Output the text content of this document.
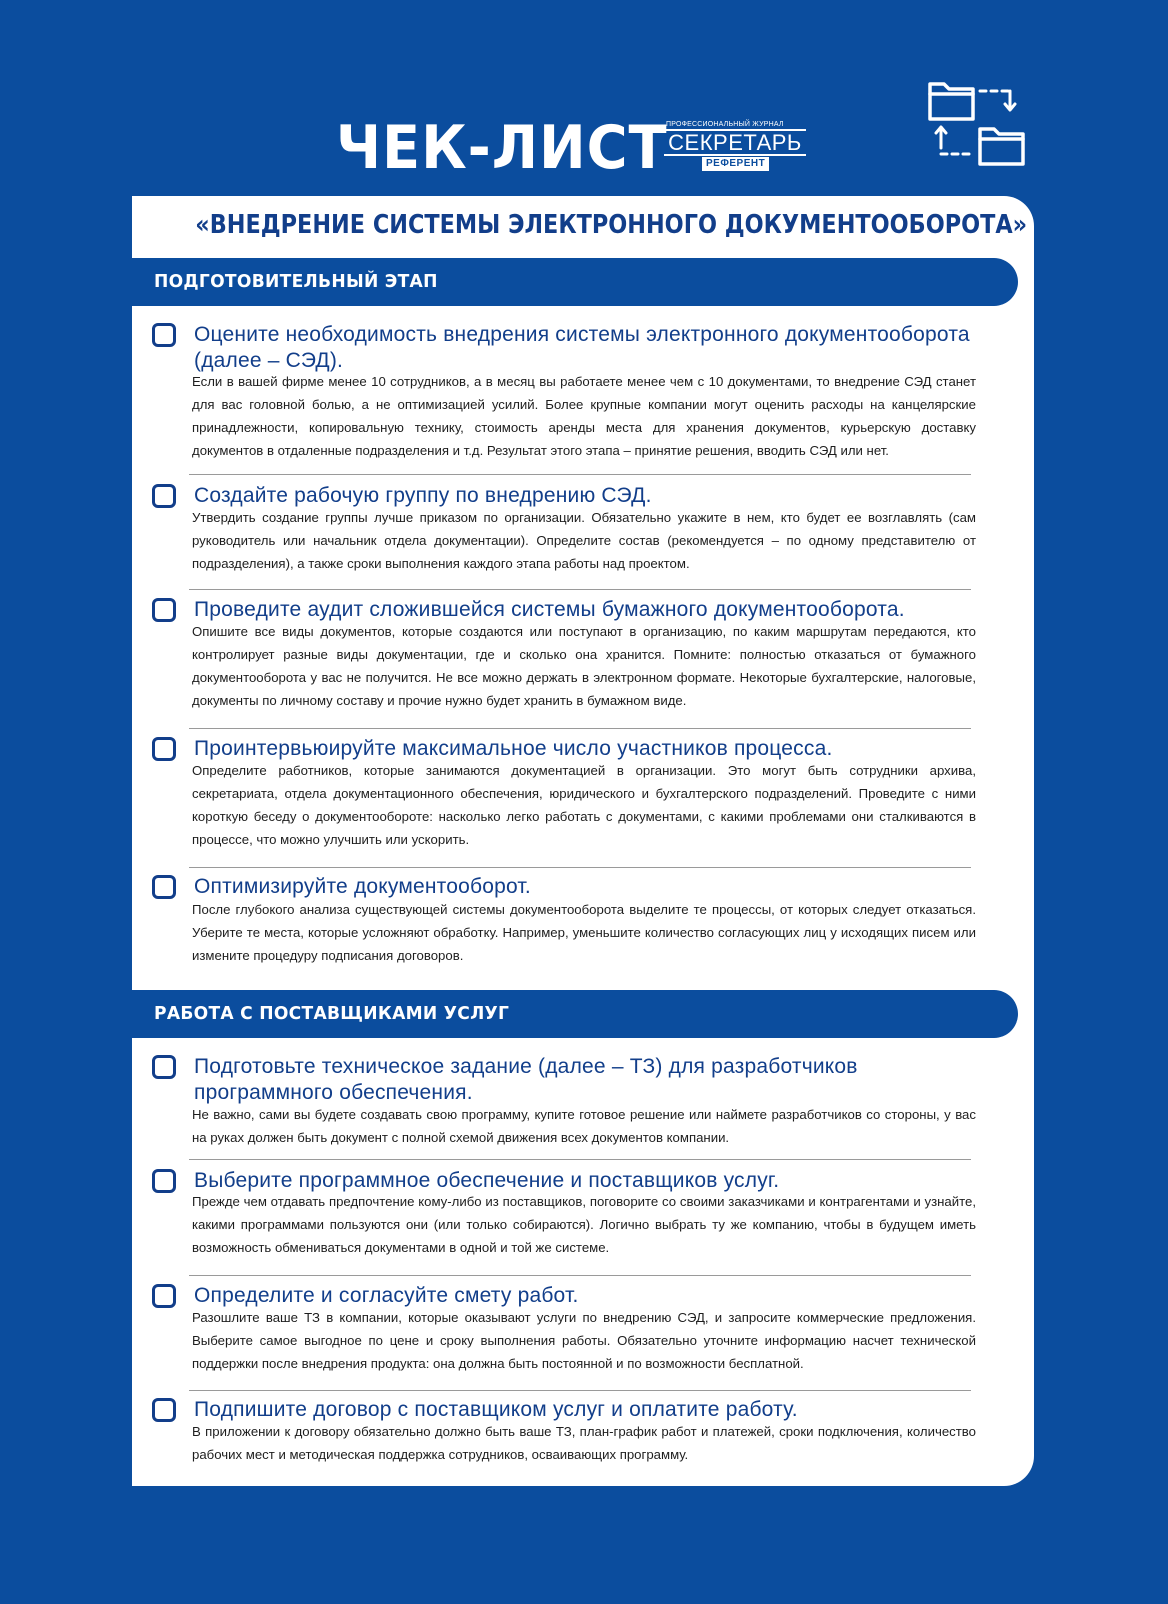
ЧЕК-ЛИСТ
ПРОФЕССИОНАЛЬНЫЙ ЖУРНАЛ
СЕКРЕТАРЬ
РЕФЕРЕНТ
«ВНЕДРЕНИЕ СИСТЕМЫ ЭЛЕКТРОННОГО ДОКУМЕНТООБОРОТА»
ПОДГОТОВИТЕЛЬНЫЙ ЭТАП
Оцените необходимость внедрения системы электронного документооборота (далее – СЭД).
Если в вашей фирме менее 10 сотрудников, а в месяц вы работаете менее чем с 10 документами, то внедрение СЭД станет для вас головной болью, а не оптимизацией усилий. Более крупные компании могут оценить расходы на канцелярские принадлежности, копировальную технику, стоимость аренды места для хранения документов, курьерскую доставку документов в отдаленные подразделения и т.д. Результат этого этапа – принятие решения, вводить СЭД или нет.
Создайте рабочую группу по внедрению СЭД.
Утвердить создание группы лучше приказом по организации. Обязательно укажите в нем, кто будет ее возглавлять (сам руководитель или начальник отдела документации). Определите состав (рекомендуется – по одному представителю от подразделения), а также сроки выполнения каждого этапа работы над проектом.
Проведите аудит сложившейся системы бумажного документооборота.
Опишите все виды документов, которые создаются или поступают в организацию, по каким маршрутам передаются, кто контролирует разные виды документации, где и сколько она хранится. Помните: полностью отказаться от бумажного документооборота у вас не получится. Не все можно держать в электронном формате. Некоторые бухгалтерские, налоговые, документы по личному составу и прочие нужно будет хранить в бумажном виде.
Проинтервьюируйте максимальное число участников процесса.
Определите работников, которые занимаются документацией в организации. Это могут быть сотрудники архива, секретариата, отдела документационного обеспечения, юридического и бухгалтерского подразделений. Проведите с ними короткую беседу о документообороте: насколько легко работать с документами, с какими проблемами они сталкиваются в процессе, что можно улучшить или ускорить.
Оптимизируйте документооборот.
После глубокого анализа существующей системы документооборота выделите те процессы, от которых следует отказаться. Уберите те места, которые усложняют обработку. Например, уменьшите количество согласующих лиц у исходящих писем или измените процедуру подписания договоров.
РАБОТА С ПОСТАВЩИКАМИ УСЛУГ
Подготовьте техническое задание (далее – ТЗ) для разработчиков программного обеспечения.
Не важно, сами вы будете создавать свою программу, купите готовое решение или наймете разработчиков со стороны, у вас на руках должен быть документ с полной схемой движения всех документов компании.
Выберите программное обеспечение и поставщиков услуг.
Прежде чем отдавать предпочтение кому-либо из поставщиков, поговорите со своими заказчиками и контрагентами и узнайте, какими программами пользуются они (или только собираются). Логично выбрать ту же компанию, чтобы в будущем иметь возможность обмениваться документами в одной и той же системе.
Определите и согласуйте смету работ.
Разошлите ваше ТЗ в компании, которые оказывают услуги по внедрению СЭД, и запросите коммерческие предложения. Выберите самое выгодное по цене и сроку выполнения работы. Обязательно уточните информацию насчет технической поддержки после внедрения продукта: она должна быть постоянной и по возможности бесплатной.
Подпишите договор с поставщиком услуг и оплатите работу.
В приложении к договору обязательно должно быть ваше ТЗ, план-график работ и платежей, сроки подключения, количество рабочих мест и методическая поддержка сотрудников, осваивающих программу.
